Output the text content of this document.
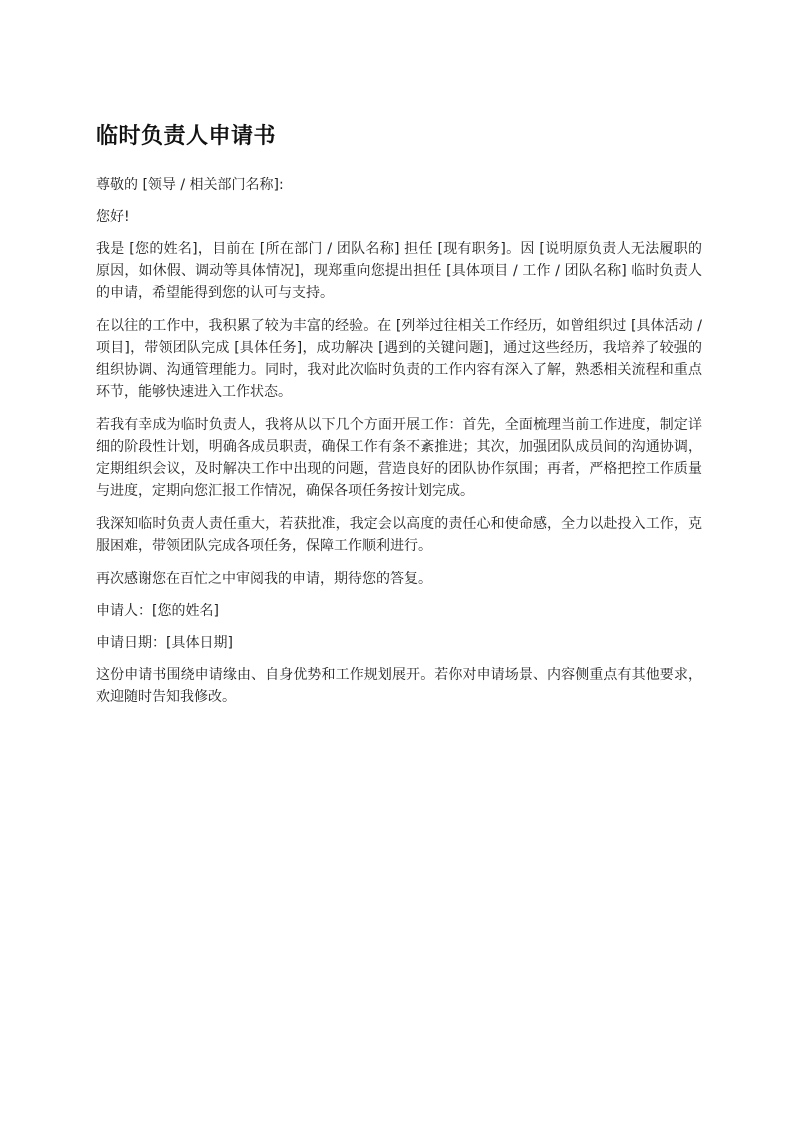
临时负责人申请书

尊敬的 [领导 / 相关部门名称]:

您好!

我是 [您的姓名]，目前在 [所在部门 / 团队名称] 担任 [现有职务]。因 [说明原负责人无法履职的原因，如休假、调动等具体情况]，现郑重向您提出担任 [具体项目 / 工作 / 团队名称] 临时负责人的申请，希望能得到您的认可与支持。

在以往的工作中，我积累了较为丰富的经验。在 [列举过往相关工作经历，如曾组织过 [具体活动 / 项目]，带领团队完成 [具体任务]，成功解决 [遇到的关键问题]，通过这些经历，我培养了较强的组织协调、沟通管理能力。同时，我对此次临时负责的工作内容有深入了解，熟悉相关流程和重点环节，能够快速进入工作状态。

若我有幸成为临时负责人，我将从以下几个方面开展工作：首先，全面梳理当前工作进度，制定详细的阶段性计划，明确各成员职责，确保工作有条不紊推进；其次，加强团队成员间的沟通协调，定期组织会议，及时解决工作中出现的问题，营造良好的团队协作氛围；再者，严格把控工作质量与进度，定期向您汇报工作情况，确保各项任务按计划完成。

我深知临时负责人责任重大，若获批准，我定会以高度的责任心和使命感，全力以赴投入工作，克服困难，带领团队完成各项任务，保障工作顺利进行。

再次感谢您在百忙之中审阅我的申请，期待您的答复。

申请人：[您的姓名]

申请日期：[具体日期]

这份申请书围绕申请缘由、自身优势和工作规划展开。若你对申请场景、内容侧重点有其他要求，欢迎随时告知我修改。
